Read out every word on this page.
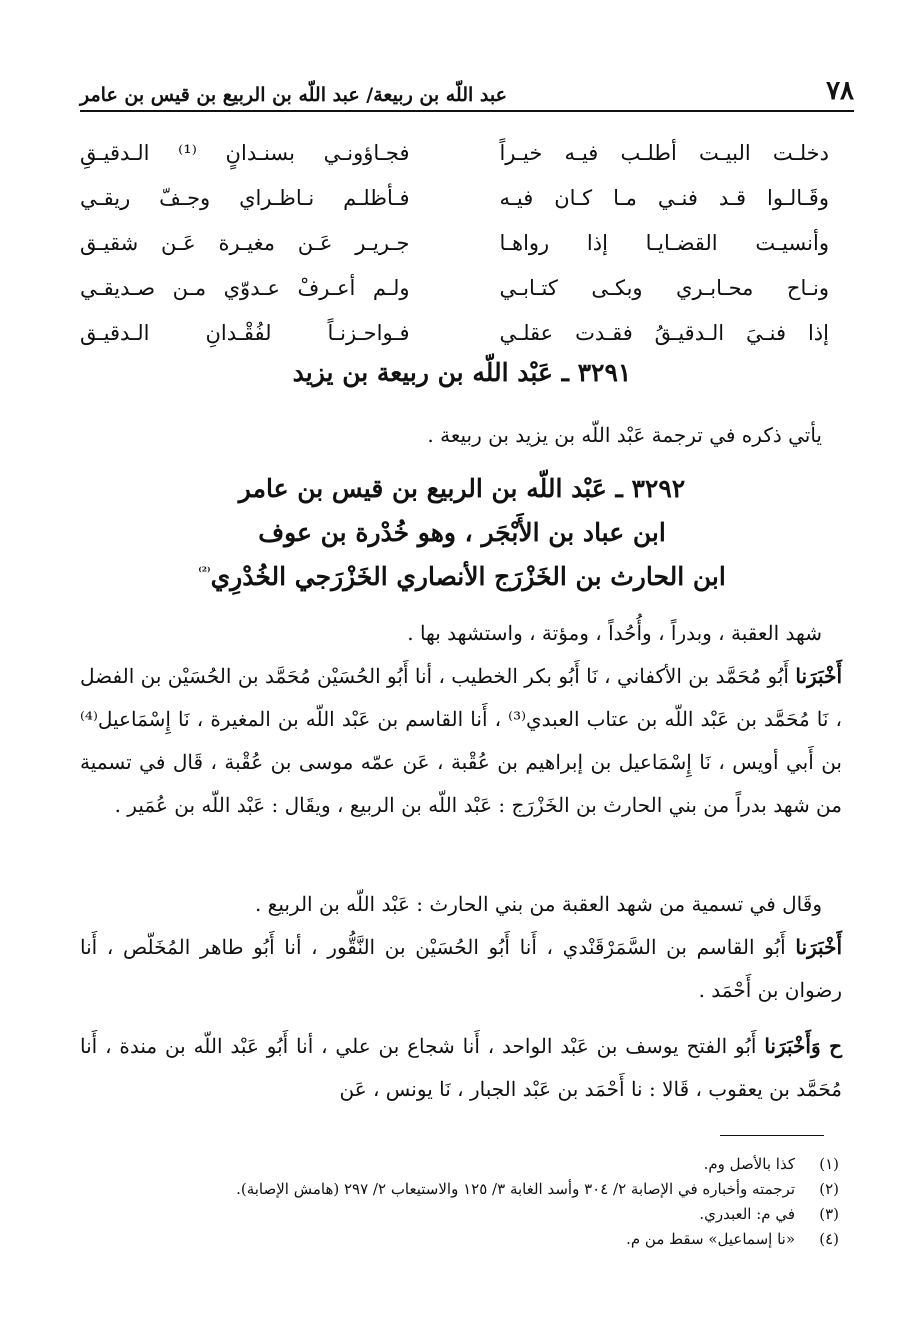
٧٨
عبد اللّه بن ربيعة/ عبد اللّه بن الربيع بن قيس بن عامر
دخلـت البيـت أطلـب فيـه خيـراً
فجـاؤونـي بسنـدانٍ ⁽¹⁾ الـدقيـقِ
وقَـالـوا قـد فنـي مـا كـان فيـه
فـأظلـم نـاظـراي وجـفّ ريقـي
وأنسيـت القضـايـا إذا رواهـا
جـريـر عَـن مغيـرة عَـن شقيـق
ونـاح محـابـري وبكـى كتـابـي
ولـم أعـرفْ عـدوّي مـن صـديقـي
إذا فنـيَ الـدقيـقُ فقـدت عقلـي
فـواحـزنـاً لفُقْـدانِ الـدقيـق
٣٢٩١ ـ عَبْد اللّه بن ربيعة بن يزيد

يأتي ذكره في ترجمة عَبْد اللّه بن يزيد بن ربيعة .

٣٢٩٢ ـ عَبْد اللّه بن الربيع بن قيس بن عامر
ابن عباد بن الأَبْجَر ، وهو خُدْرة بن عوف
ابن الحارث بن الخَزْرَج الأنصاري الخَزْرَجي الخُدْرِي$^{^{(2)}}$

شهد العقبة ، وبدراً ، وأُحُداً ، ومؤتة ، واستشهد بها .

أَخْبَرَنا أَبُو مُحَمَّد بن الأكفاني ، نَا أَبُو بكر الخطيب ، أنا أَبُو الحُسَيْن مُحَمَّد بن الحُسَيْن بن الفضل ، نَا مُحَمَّد بن عَبْد اللّه بن عتاب العبدي⁽³⁾ ، أَنا القاسم بن عَبْد اللّه بن المغيرة ، نَا إِسْمَاعيل⁽⁴⁾ بن أَبي أويس ، نَا إِسْمَاعيل بن إبراهيم بن عُقْبة ، عَن عمّه موسى بن عُقْبة ، قَال في تسمية من شهد بدراً من بني الحارث بن الخَزْرَج : عَبْد اللّه بن الربيع ، ويقَال : عَبْد اللّه بن عُمَير .

وقَال في تسمية من شهد العقبة من بني الحارث : عَبْد اللّه بن الربيع .

أَخْبَرَنا أَبُو القاسم بن السَّمَرْقَنْدي ، أَنا أَبُو الحُسَيْن بن النَّقُّور ، أنا أَبُو طاهر المُخَلّص ، أَنا رضوان بن أَحْمَد .

ح وَأَخْبَرَنا أَبُو الفتح يوسف بن عَبْد الواحد ، أَنا شجاع بن علي ، أنا أَبُو عَبْد اللّه بن مندة ، أَنا مُحَمَّد بن يعقوب ، قَالا : نا أَحْمَد بن عَبْد الجبار ، نَا يونس ، عَن

(١)
كذا بالأصل وم.
(٢)
ترجمته وأخباره في الإصابة ٢/ ٣٠٤ وأسد الغابة ٣/ ١٢٥ والاستيعاب ٢/ ٢٩٧ (هامش الإصابة).
(٣)
في م: العبدري.
(٤)
«نا إسماعيل» سقط من م.
